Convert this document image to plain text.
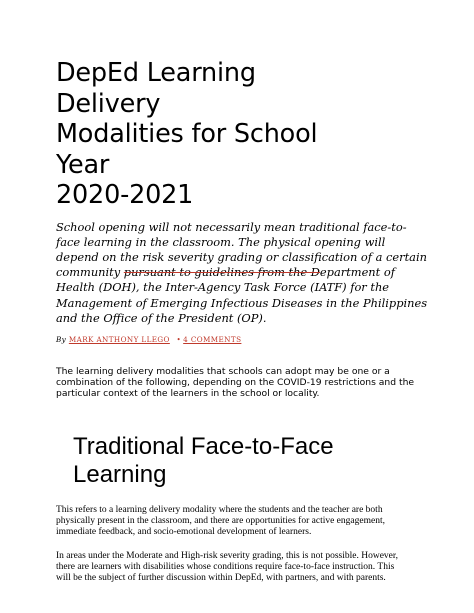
DepEd Learning
Delivery
Modalities for School
Year
2020-2021

School opening will not necessarily mean traditional face-to-face learning in the classroom. The physical opening will depend on the risk severity grading or classification of a certain community pursuant to guidelines from the Department of Health (DOH), the Inter-Agency Task Force (IATF) for the Management of Emerging Infectious Diseases in the Philippines and the Office of the President (OP).

By MARK ANTHONY LLEGO • 4 COMMENTS

The learning delivery modalities that schools can adopt may be one or a combination of the following, depending on the COVID-19 restrictions and the particular context of the learners in the school or locality.

Traditional Face-to-Face
Learning

This refers to a learning delivery modality where the students and the teacher are both physically present in the classroom, and there are opportunities for active engagement, immediate feedback, and socio-emotional development of learners.

In areas under the Moderate and High-risk severity grading, this is not possible. However, there are learners with disabilities whose conditions require face-to-face instruction. This will be the subject of further discussion within DepEd, with partners, and with parents.
